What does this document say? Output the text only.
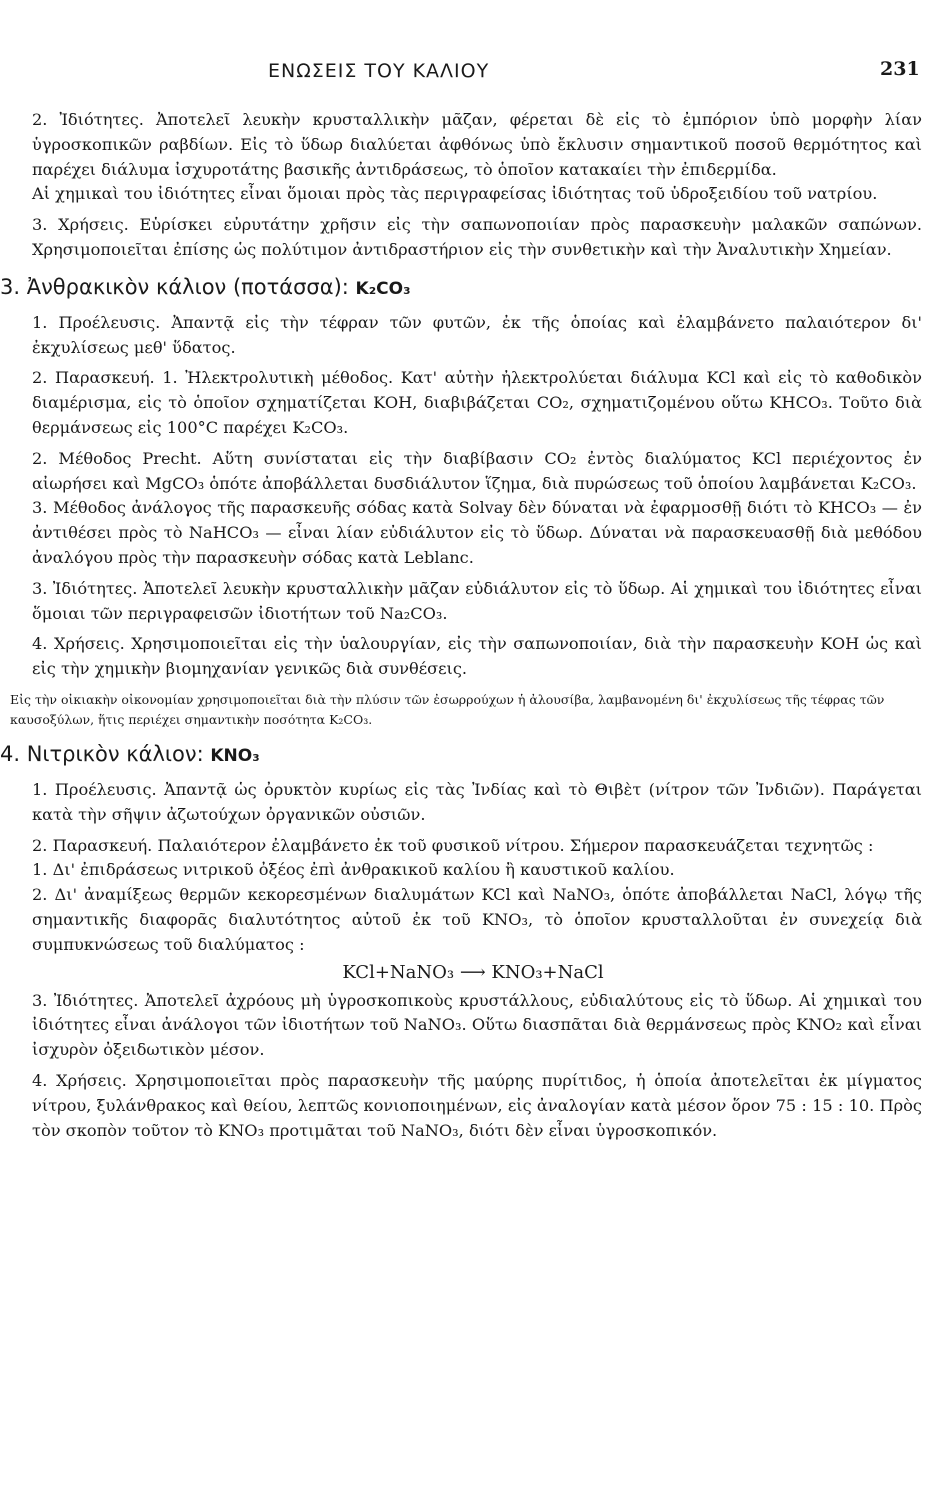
ΕΝΩΣΕΙΣ ΤΟΥ ΚΑΛΙΟΥ	231

2. Ἰδιότητες. Ἀποτελεῖ λευκὴν κρυσταλλικὴν μᾶζαν, φέρεται δὲ εἰς τὸ ἐμπόριον ὑπὸ μορφὴν λίαν ὑγροσκοπικῶν ραβδίων. Εἰς τὸ ὕδωρ διαλύεται ἀφθόνως ὑπὸ ἔκλυσιν σημαντικοῦ ποσοῦ θερμότητος καὶ παρέχει διάλυμα ἰσχυροτάτης βασικῆς ἀντιδράσεως, τὸ ὁποῖον κατακαίει τὴν ἐπιδερμίδα.

Αἱ χημικαὶ του ἰδιότητες εἶναι ὅμοιαι πρὸς τὰς περιγραφείσας ἰδιότητας τοῦ ὑδροξειδίου τοῦ νατρίου.

3. Χρήσεις. Εὑρίσκει εὐρυτάτην χρῆσιν εἰς τὴν σαπωνοποιίαν πρὸς παρασκευὴν μαλακῶν σαπώνων. Χρησιμοποιεῖται ἐπίσης ὡς πολύτιμον ἀντιδραστήριον εἰς τὴν συνθετικὴν καὶ τὴν Ἀναλυτικὴν Χημείαν.

3. Ἀνθρακικὸν κάλιον (ποτάσσα): K₂CO₃

1. Προέλευσις. Ἀπαντᾷ εἰς τὴν τέφραν τῶν φυτῶν, ἐκ τῆς ὁποίας καὶ ἐλαμβάνετο παλαιότερον δι' ἐκχυλίσεως μεθ' ὕδατος.

2. Παρασκευή. 1. Ἠλεκτρολυτικὴ μέθοδος. Κατ' αὐτὴν ἠλεκτρολύεται διάλυμα KCl καὶ εἰς τὸ καθοδικὸν διαμέρισμα, εἰς τὸ ὁποῖον σχηματίζεται KOH, διαβιβάζεται CO₂, σχηματιζομένου οὕτω KHCO₃. Τοῦτο διὰ θερμάνσεως εἰς 100°C παρέχει K₂CO₃.

2. Μέθοδος Precht. Αὕτη συνίσταται εἰς τὴν διαβίβασιν CO₂ ἐντὸς διαλύματος KCl περιέχοντος ἐν αἰωρήσει καὶ MgCO₃ ὁπότε ἀποβάλλεται δυσδιάλυτον ἵζημα, διὰ πυρώσεως τοῦ ὁποίου λαμβάνεται K₂CO₃.

3. Μέθοδος ἀνάλογος τῆς παρασκευῆς σόδας κατὰ Solvay δὲν δύναται νὰ ἐφαρμοσθῇ διότι τὸ KHCO₃ — ἐν ἀντιθέσει πρὸς τὸ NaHCO₃ — εἶναι λίαν εὐδιάλυτον εἰς τὸ ὕδωρ. Δύναται νὰ παρασκευασθῇ διὰ μεθόδου ἀναλόγου πρὸς τὴν παρασκευὴν σόδας κατὰ Leblanc.

3. Ἰδιότητες. Ἀποτελεῖ λευκὴν κρυσταλλικὴν μᾶζαν εὐδιάλυτον εἰς τὸ ὕδωρ. Αἱ χημικαὶ του ἰδιότητες εἶναι ὅμοιαι τῶν περιγραφεισῶν ἰδιοτήτων τοῦ Na₂CO₃.

4. Χρήσεις. Χρησιμοποιεῖται εἰς τὴν ὑαλουργίαν, εἰς τὴν σαπωνοποιίαν, διὰ τὴν παρασκευὴν KOH ὡς καὶ εἰς τὴν χημικὴν βιομηχανίαν γενικῶς διὰ συνθέσεις.

Εἰς τὴν οἰκιακὴν οἰκονομίαν χρησιμοποιεῖται διὰ τὴν πλύσιν τῶν ἐσωρρούχων ἡ ἀλουσίβα, λαμβανομένη δι' ἐκχυλίσεως τῆς τέφρας τῶν καυσοξύλων, ἥτις περιέχει σημαντικὴν ποσότητα K₂CO₃.
4. Νιτρικὸν κάλιον: KNO₃

1. Προέλευσις. Ἀπαντᾷ ὡς ὀρυκτὸν κυρίως εἰς τὰς Ἰνδίας καὶ τὸ Θιβὲτ (νίτρον τῶν Ἰνδιῶν). Παράγεται κατὰ τὴν σῆψιν ἀζωτούχων ὀργανικῶν οὐσιῶν.

2. Παρασκευή. Παλαιότερον ἐλαμβάνετο ἐκ τοῦ φυσικοῦ νίτρου. Σήμερον παρασκευάζεται τεχνητῶς :

1. Δι' ἐπιδράσεως νιτρικοῦ ὀξέος ἐπὶ ἀνθρακικοῦ καλίου ἢ καυστικοῦ καλίου.

2. Δι' ἀναμίξεως θερμῶν κεκορεσμένων διαλυμάτων KCl καὶ NaNO₃, ὁπότε ἀποβάλλεται NaCl, λόγῳ τῆς σημαντικῆς διαφορᾶς διαλυτότητος αὐτοῦ ἐκ τοῦ KNO₃, τὸ ὁποῖον κρυσταλλοῦται ἐν συνεχείᾳ διὰ συμπυκνώσεως τοῦ διαλύματος :

KCl+NaNO₃ ⟶ KNO₃+NaCl

3. Ἰδιότητες. Ἀποτελεῖ ἀχρόους μὴ ὑγροσκοπικοὺς κρυστάλλους, εὐδιαλύτους εἰς τὸ ὕδωρ. Αἱ χημικαὶ του ἰδιότητες εἶναι ἀνάλογοι τῶν ἰδιοτήτων τοῦ NaNO₃. Οὕτω διασπᾶται διὰ θερμάνσεως πρὸς KNO₂ καὶ εἶναι ἰσχυρὸν ὀξειδωτικὸν μέσον.

4. Χρήσεις. Χρησιμοποιεῖται πρὸς παρασκευὴν τῆς μαύρης πυρίτιδος, ἡ ὁποία ἀποτελεῖται ἐκ μίγματος νίτρου, ξυλάνθρακος καὶ θείου, λεπτῶς κονιοποιημένων, εἰς ἀναλογίαν κατὰ μέσον ὅρον 75 : 15 : 10. Πρὸς τὸν σκοπὸν τοῦτον τὸ KNO₃ προτιμᾶται τοῦ NaNO₃, διότι δὲν εἶναι ὑγροσκοπικόν.
